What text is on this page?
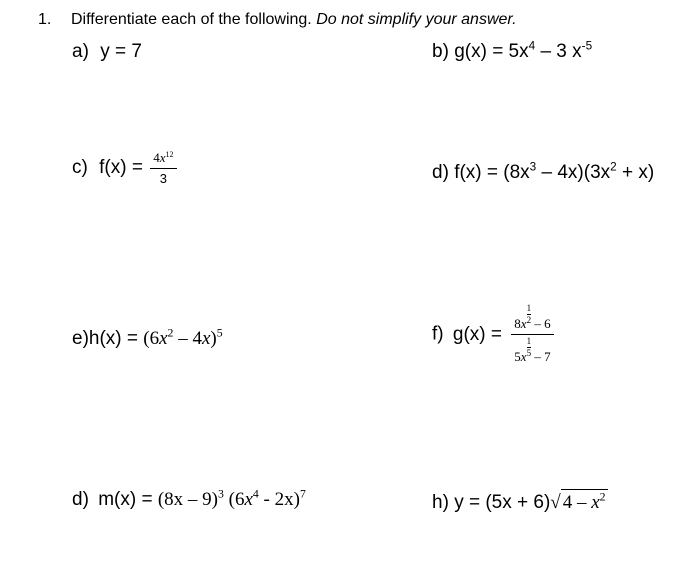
1. Differentiate each of the following. Do not simplify your answer.
a) y = 7	b) $g(x) = 5x^4 - 3$ $x^{-5}$
c) $f(x) = \frac{4x^{12}}{3}$	d) $f(x) = (8x^3 - 4x)(3x^2 + x)$
$e)h(x) = (6x^2 - 4x)^5$	f) $g(x) = \frac{8x\frac{1}{2} - 6}{5x\frac{1}{5} - 7}$
d) m(x) = (8x – 9)$^3$ $(6x^4 - 2x)^7$	h) y = (5x + 6)√ $4 - x^2$
